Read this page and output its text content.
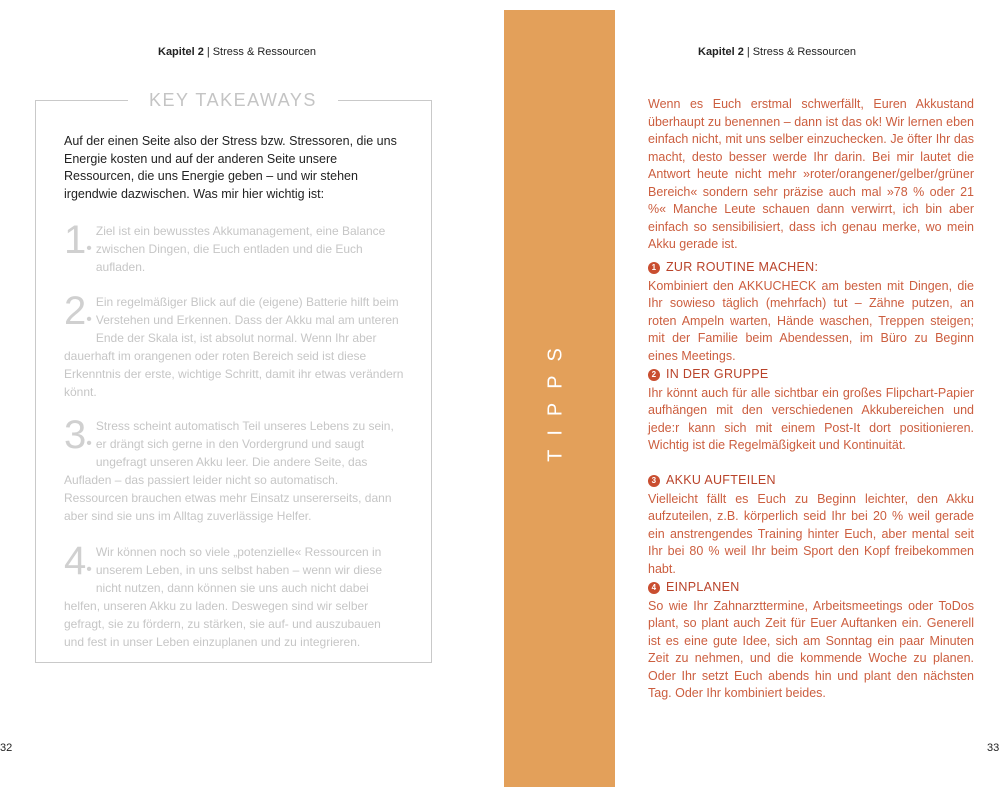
Kapitel 2 | Stress & Ressourcen
KEY TAKEAWAYS
Auf der einen Seite also der Stress bzw. Stressoren, die uns Energie kosten und auf der anderen Seite unsere Ressourcen, die uns Energie geben – und wir stehen irgendwie dazwischen. Was mir hier wichtig ist:
1•
Ziel ist ein bewusstes Akkumanagement, eine Balance zwischen Dingen, die Euch entladen und die Euch aufladen.
2•
Ein regelmäßiger Blick auf die (eigene) Batterie hilft beim Verstehen und Erkennen. Dass der Akku mal am unteren Ende der Skala ist, ist absolut normal. Wenn Ihr aber dauerhaft im orangenen oder roten Bereich seid ist diese Erkenntnis der erste, wichtige Schritt, damit ihr etwas verändern könnt.
3•
Stress scheint automatisch Teil unseres Lebens zu sein, er drängt sich gerne in den Vordergrund und saugt ungefragt unseren Akku leer. Die andere Seite, das Aufladen – das passiert leider nicht so automatisch. Ressourcen brauchen etwas mehr Einsatz unsererseits, dann aber sind sie uns im Alltag zuverlässige Helfer.
4•
Wir können noch so viele „potenzielle« Ressourcen in unserem Leben, in uns selbst haben – wenn wir diese nicht nutzen, dann können sie uns auch nicht dabei helfen, unseren Akku zu laden. Deswegen sind wir selber gefragt, sie zu fördern, zu stärken, sie auf- und auszubauen und fest in unser Leben einzuplanen und zu integrieren.
32
TIPPS
Kapitel 2 | Stress & Ressourcen
Wenn es Euch erstmal schwerfällt, Euren Akkustand überhaupt zu benennen – dann ist das ok! Wir lernen eben einfach nicht, mit uns selber einzuchecken. Je öfter Ihr das macht, desto besser werde Ihr darin. Bei mir lautet die Antwort heute nicht mehr »roter/orangener/gelber/grüner Bereich« sondern sehr präzise auch mal »78 % oder 21 %« Manche Leute schauen dann verwirrt, ich bin aber einfach so sensibilisiert, dass ich genau merke, wo mein Akku gerade ist.
1 ZUR ROUTINE MACHEN:
Kombiniert den AKKUCHECK am besten mit Dingen, die Ihr sowieso täglich (mehrfach) tut – Zähne putzen, an roten Ampeln warten, Hände waschen, Treppen steigen; mit der Familie beim Abendessen, im Büro zu Beginn eines Meetings.
2 IN DER GRUPPE
Ihr könnt auch für alle sichtbar ein großes Flipchart-Papier aufhängen mit den verschiedenen Akkubereichen und jede:r kann sich mit einem Post-It dort positionieren. Wichtig ist die Regelmäßigkeit und Kontinuität.
3 AKKU AUFTEILEN
Vielleicht fällt es Euch zu Beginn leichter, den Akku aufzuteilen, z.B. körperlich seid Ihr bei 20 % weil gerade ein anstrengendes Training hinter Euch, aber mental seit Ihr bei 80 % weil Ihr beim Sport den Kopf freibekommen habt.
4 EINPLANEN
So wie Ihr Zahnarzttermine, Arbeitsmeetings oder ToDos plant, so plant auch Zeit für Euer Auftanken ein. Generell ist es eine gute Idee, sich am Sonntag ein paar Minuten Zeit zu nehmen, und die kommende Woche zu planen. Oder Ihr setzt Euch abends hin und plant den nächsten Tag. Oder Ihr kombiniert beides.
33
